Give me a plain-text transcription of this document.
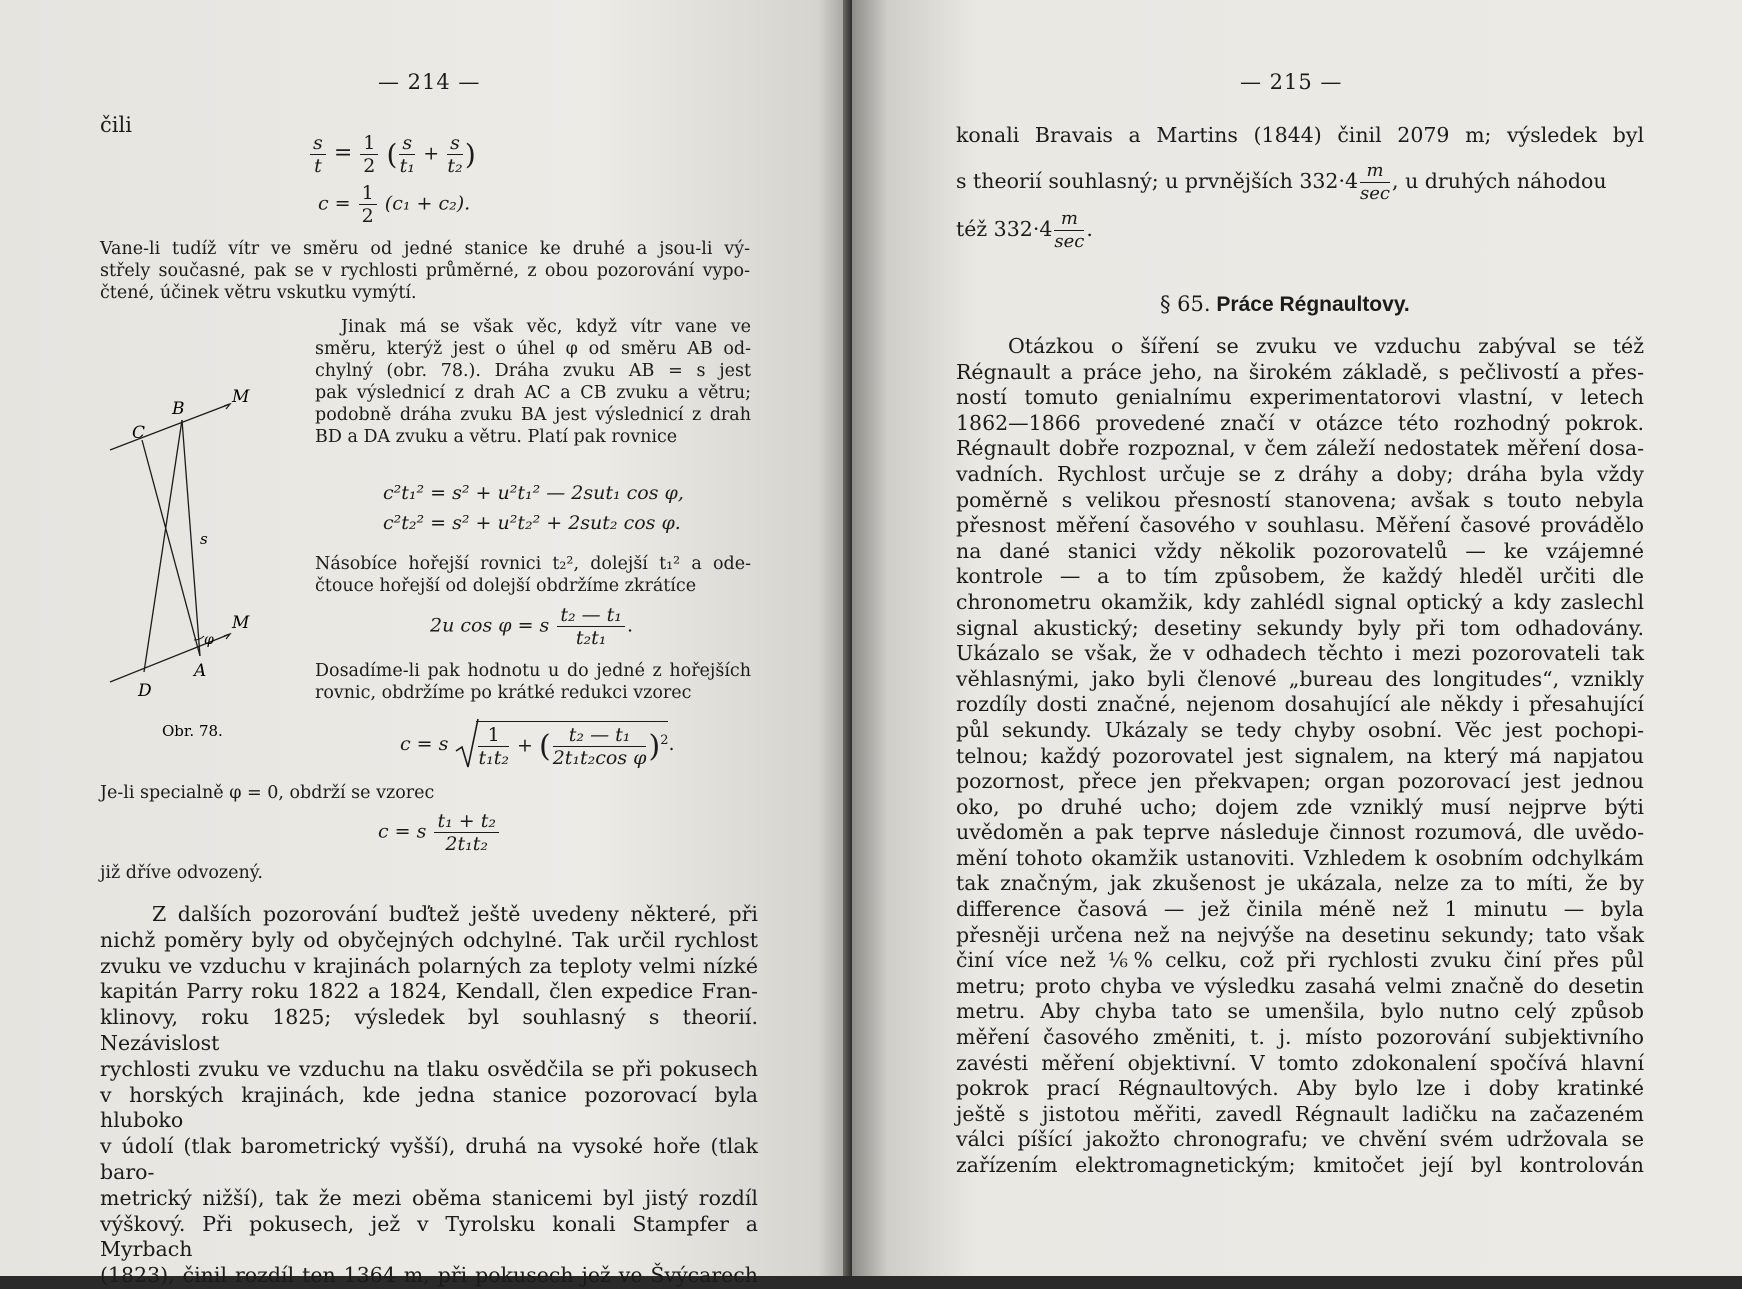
— 214 —
čili
$\frac{s}{t} = \frac{1}{2}$ ( $\frac{s}{\text{t₁}} + \frac{s}{\text{t₂}}$ )
$c = \frac{1}{2} (c_1 + c_2)$.
Vane-li tudíž vítr ve směru od jedné stanice ke druhé a jsou-li vý-
střely současné, pak se v rychlosti průměrné, z obou pozorování vypo-
čtené, účinek větru vskutku vymýtí.
Jinak má se však věc, když vítr vane ve
směru, kterýž jest o úhel φ od směru AB od-
chylný (obr. 78.). Dráha zvuku AB = s jest
pak výslednicí z drah AC a CB zvuku a větru;
podobně dráha zvuku BA jest výslednicí z drah
BD a DA zvuku a větru. Platí pak rovnice
c²t₁² = s² + u²t₁² — 2sut₁ cos φ,
c²t₂² = s² + u²t₂² + 2sut₂ cos φ.
Násobíce hořejší rovnici t₂², dolejší t₁² a ode-
čtouce hořejší od dolejší obdržíme zkrátíce
2u cos φ = s $\frac{\text{t₂ — t₁}}{\text{t₂t₁}}$ .
Dosadíme-li pak hodnotu u do jedné z hořejších
rovnic, obdržíme po krátké redukci vzorec
c = s $\frac{1}{\text{t₁t₂}}$ + ( $\frac{\text{t₂ — t₁}}{\text{2t₁t₂cos φ}} )^2$.
M
B
C
s
M
φ
A
D
Obr. 78.
Je-li specialně φ = 0, obdrží se vzorec
c = s $\frac{\text{t₁ + t₂}}{\text{2t₁t₂}}$
již dříve odvozený.
Z dalších pozorování buďtež ještě uvedeny některé, při
nichž poměry byly od obyčejných odchylné. Tak určil rychlost
zvuku ve vzduchu v krajinách polarných za teploty velmi nízké
kapitán Parry roku 1822 a 1824, Kendall, člen expedice Fran-
klinovy, roku 1825; výsledek byl souhlasný s theorií. Nezávislost
rychlosti zvuku ve vzduchu na tlaku osvědčila se při pokusech
v horských krajinách, kde jedna stanice pozorovací byla hluboko
v údolí (tlak barometrický vyšší), druhá na vysoké hoře (tlak baro-
metrický nižší), tak že mezi oběma stanicemi byl jistý rozdíl
výškový. Při pokusech, jež v Tyrolsku konali Stampfer a Myrbach
(1823), činil rozdíl ten 1364 m, při pokusech jež ve Švýcarech
— 215 —
konali Bravais a Martins (1844) činil 2079 m; výsledek byl
s theorií souhlasný; u prvnějších $332\cdot 4 \frac{m}{\sec}$ , u druhých náhodou
též $332\cdot 4 \frac{m}{\sec}$ .
§ 65. Práce Régnaultovy.
Otázkou o šíření se zvuku ve vzduchu zabýval se též
Régnault a práce jeho, na širokém základě, s pečlivostí a přes-
ností tomuto genialnímu experimentatorovi vlastní, v letech
1862—1866 provedené značí v otázce této rozhodný pokrok.
Régnault dobře rozpoznal, v čem záleží nedostatek měření dosa-
vadních. Rychlost určuje se z dráhy a doby; dráha byla vždy
poměrně s velikou přesností stanovena; avšak s touto nebyla
přesnost měření časového v souhlasu. Měření časové provádělo
na dané stanici vždy několik pozorovatelů — ke vzájemné
kontrole — a to tím způsobem, že každý hleděl určiti dle
chronometru okamžik, kdy zahlédl signal optický a kdy zaslechl
signal akustický; desetiny sekundy byly při tom odhadovány.
Ukázalo se však, že v odhadech těchto i mezi pozorovateli tak
věhlasnými, jako byli členové „bureau des longitudes“, vznikly
rozdíly dosti značné, nejenom dosahující ale někdy i přesahující
půl sekundy. Ukázaly se tedy chyby osobní. Věc jest pochopi-
telnou; každý pozorovatel jest signalem, na který má napjatou
pozornost, přece jen překvapen; organ pozorovací jest jednou
oko, po druhé ucho; dojem zde vzniklý musí nejprve býti
uvědoměn a pak teprve následuje činnost rozumová, dle uvědo-
mění tohoto okamžik ustanoviti. Vzhledem k osobním odchylkám
tak značným, jak zkušenost je ukázala, nelze za to míti, že by
difference časová — jež činila méně než 1 minutu — byla
přesněji určena než na nejvýše na desetinu sekundy; tato však
činí více než ⅙% celku, což při rychlosti zvuku činí přes půl
metru; proto chyba ve výsledku zasahá velmi značně do desetin
metru. Aby chyba tato se umenšila, bylo nutno celý způsob
měření časového změniti, t. j. místo pozorování subjektivního
zavésti měření objektivní. V tomto zdokonalení spočívá hlavní
pokrok prací Régnaultových. Aby bylo lze i doby kratinké
ještě s jistotou měřiti, zavedl Régnault ladičku na začazeném
válci píšící jakožto chronografu; ve chvění svém udržovala se
zařízením elektromagnetickým; kmitočet její byl kontrolován
